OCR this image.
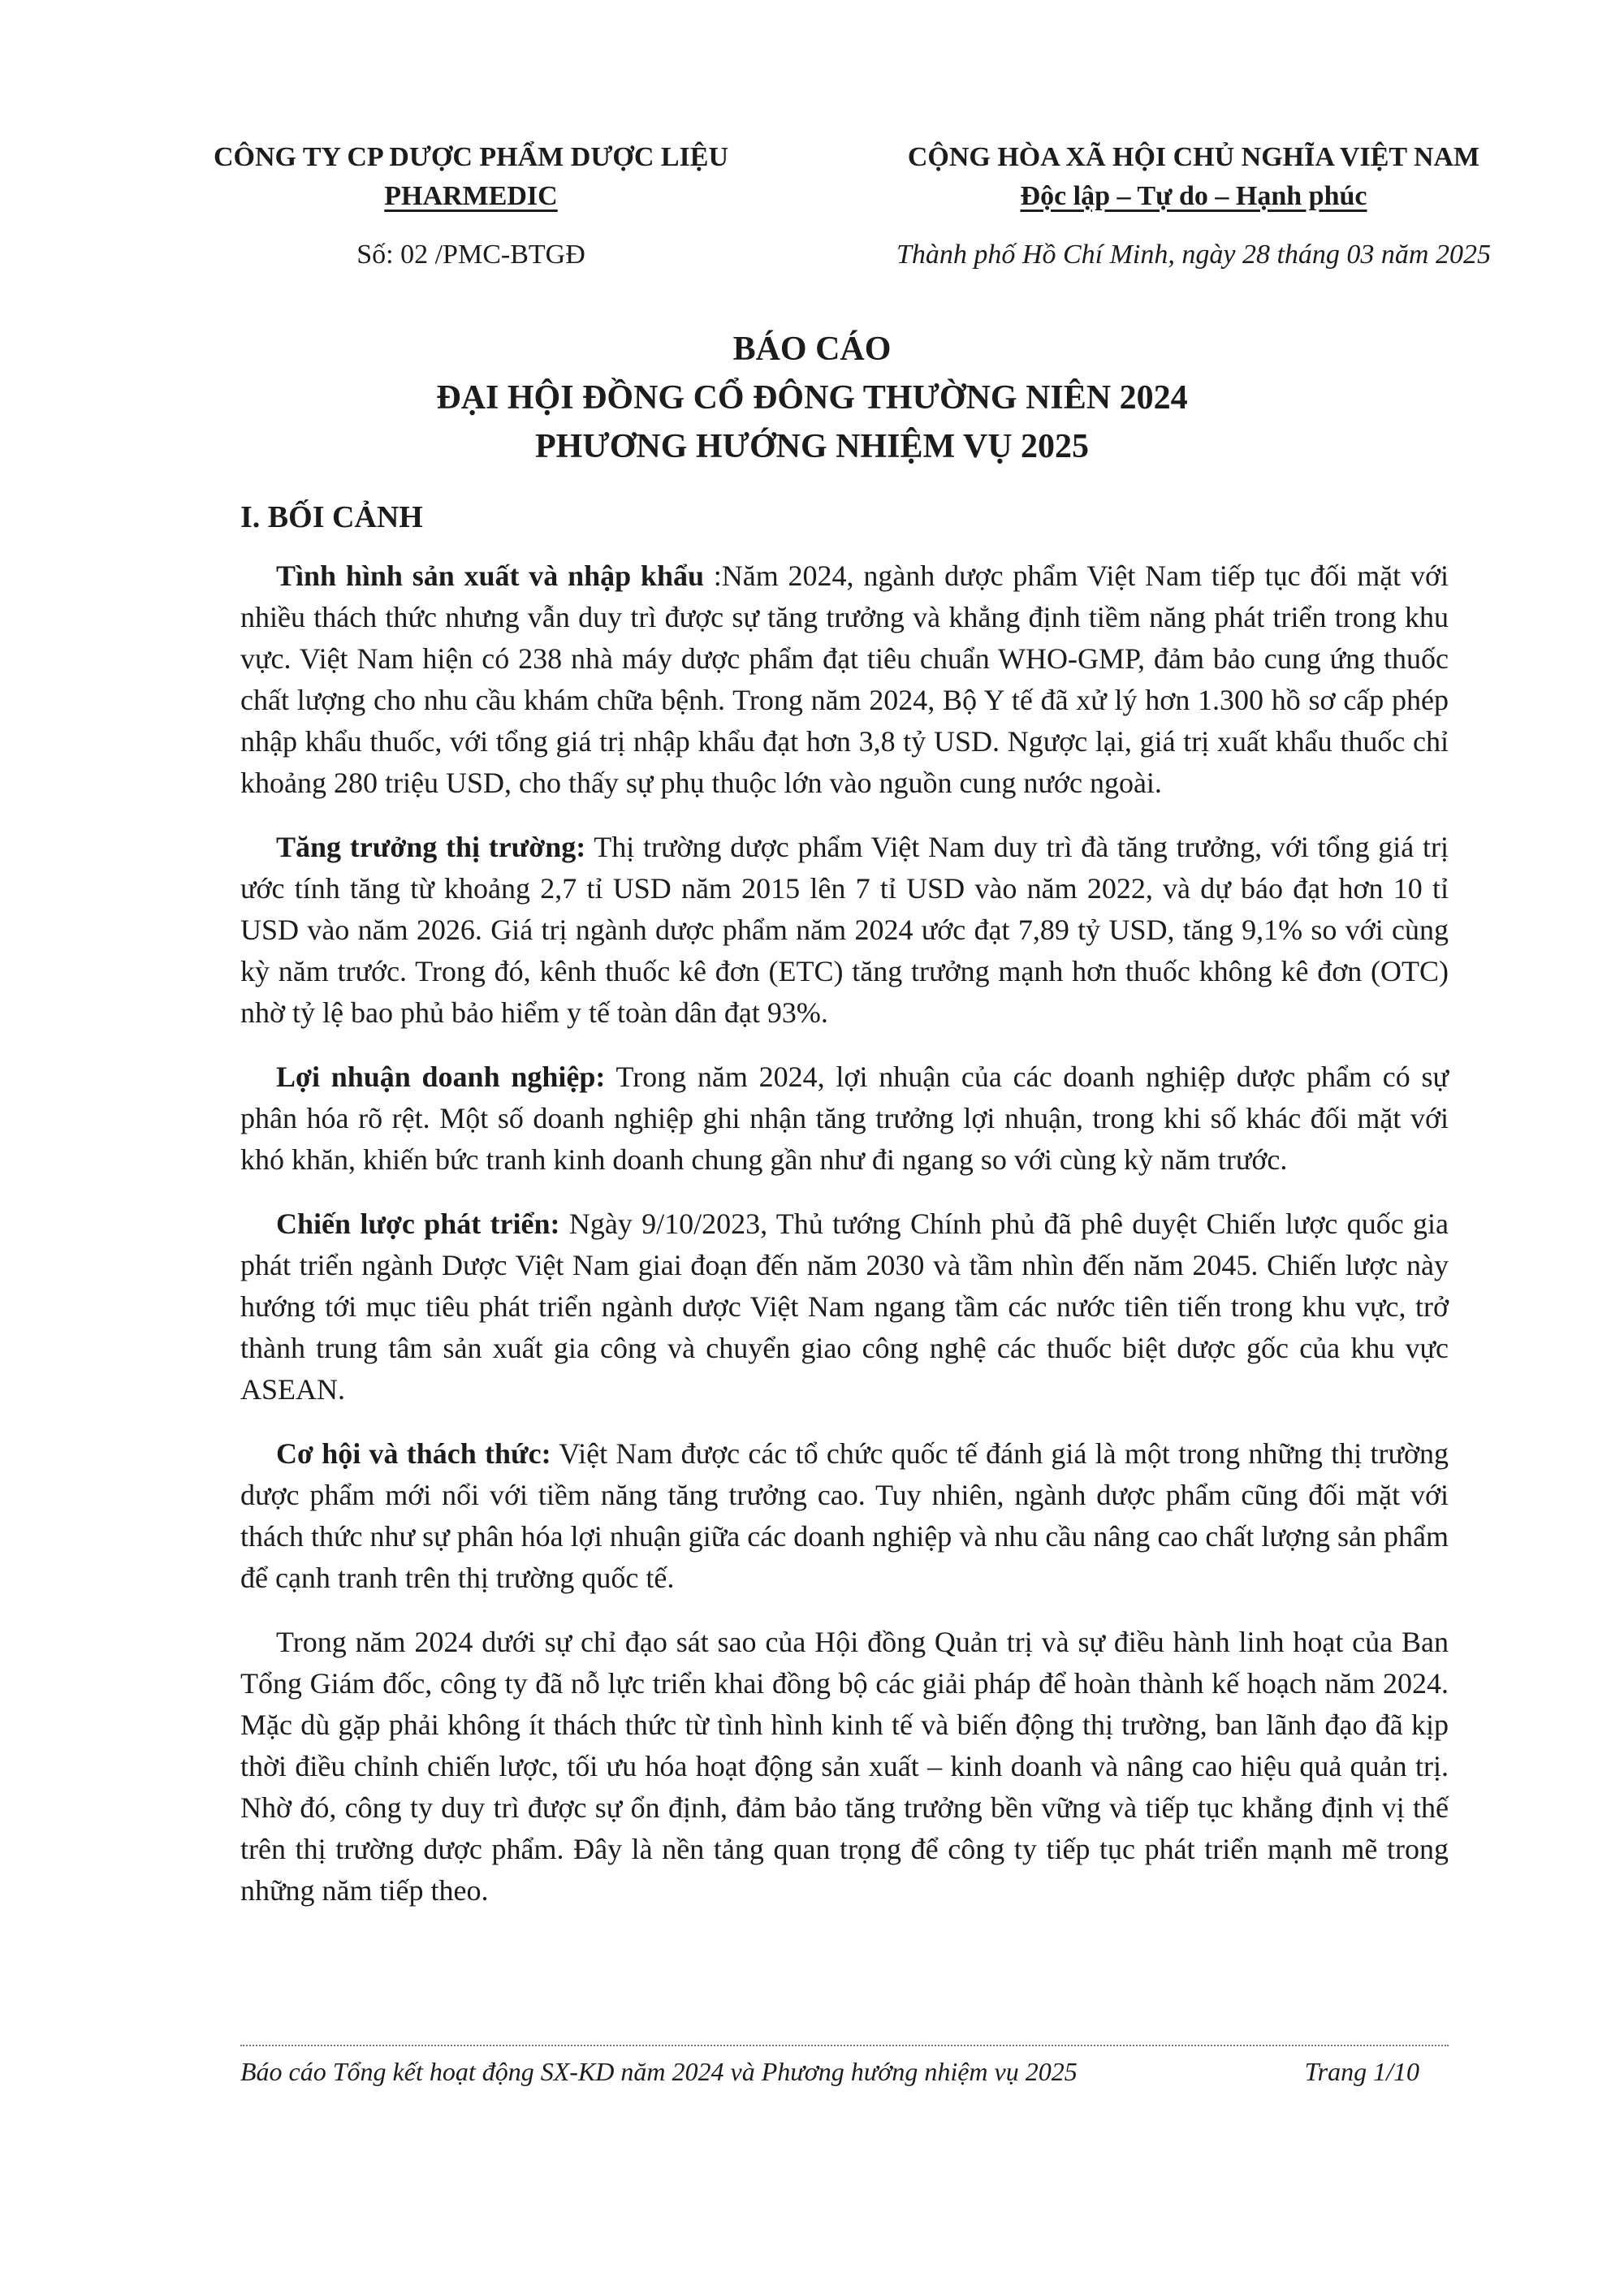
CÔNG TY CP DƯỢC PHẨM DƯỢC LIỆU
PHARMEDIC
Số: 02 /PMC-BTGĐ
CỘNG HÒA XÃ HỘI CHỦ NGHĨA VIỆT NAM
Độc lập – Tự do – Hạnh phúc
Thành phố Hồ Chí Minh, ngày 28 tháng 03 năm 2025
BÁO CÁO
ĐẠI HỘI ĐỒNG CỔ ĐÔNG THƯỜNG NIÊN 2024
PHƯƠNG HƯỚNG NHIỆM VỤ 2025
I. BỐI CẢNH

Tình hình sản xuất và nhập khẩu :Năm 2024, ngành dược phẩm Việt Nam tiếp tục đối mặt với nhiều thách thức nhưng vẫn duy trì được sự tăng trưởng và khẳng định tiềm năng phát triển trong khu vực. Việt Nam hiện có 238 nhà máy dược phẩm đạt tiêu chuẩn WHO-GMP, đảm bảo cung ứng thuốc chất lượng cho nhu cầu khám chữa bệnh. Trong năm 2024, Bộ Y tế đã xử lý hơn 1.300 hồ sơ cấp phép nhập khẩu thuốc, với tổng giá trị nhập khẩu đạt hơn 3,8 tỷ USD. Ngược lại, giá trị xuất khẩu thuốc chỉ khoảng 280 triệu USD, cho thấy sự phụ thuộc lớn vào nguồn cung nước ngoài.

Tăng trưởng thị trường: Thị trường dược phẩm Việt Nam duy trì đà tăng trưởng, với tổng giá trị ước tính tăng từ khoảng 2,7 tỉ USD năm 2015 lên 7 tỉ USD vào năm 2022, và dự báo đạt hơn 10 tỉ USD vào năm 2026. Giá trị ngành dược phẩm năm 2024 ước đạt 7,89 tỷ USD, tăng 9,1% so với cùng kỳ năm trước. Trong đó, kênh thuốc kê đơn (ETC) tăng trưởng mạnh hơn thuốc không kê đơn (OTC) nhờ tỷ lệ bao phủ bảo hiểm y tế toàn dân đạt 93%.

Lợi nhuận doanh nghiệp: Trong năm 2024, lợi nhuận của các doanh nghiệp dược phẩm có sự phân hóa rõ rệt. Một số doanh nghiệp ghi nhận tăng trưởng lợi nhuận, trong khi số khác đối mặt với khó khăn, khiến bức tranh kinh doanh chung gần như đi ngang so với cùng kỳ năm trước.

Chiến lược phát triển: Ngày 9/10/2023, Thủ tướng Chính phủ đã phê duyệt Chiến lược quốc gia phát triển ngành Dược Việt Nam giai đoạn đến năm 2030 và tầm nhìn đến năm 2045. Chiến lược này hướng tới mục tiêu phát triển ngành dược Việt Nam ngang tầm các nước tiên tiến trong khu vực, trở thành trung tâm sản xuất gia công và chuyển giao công nghệ các thuốc biệt dược gốc của khu vực ASEAN.

Cơ hội và thách thức: Việt Nam được các tổ chức quốc tế đánh giá là một trong những thị trường dược phẩm mới nổi với tiềm năng tăng trưởng cao. Tuy nhiên, ngành dược phẩm cũng đối mặt với thách thức như sự phân hóa lợi nhuận giữa các doanh nghiệp và nhu cầu nâng cao chất lượng sản phẩm để cạnh tranh trên thị trường quốc tế.

Trong năm 2024 dưới sự chỉ đạo sát sao của Hội đồng Quản trị và sự điều hành linh hoạt của Ban Tổng Giám đốc, công ty đã nỗ lực triển khai đồng bộ các giải pháp để hoàn thành kế hoạch năm 2024. Mặc dù gặp phải không ít thách thức từ tình hình kinh tế và biến động thị trường, ban lãnh đạo đã kịp thời điều chỉnh chiến lược, tối ưu hóa hoạt động sản xuất – kinh doanh và nâng cao hiệu quả quản trị. Nhờ đó, công ty duy trì được sự ổn định, đảm bảo tăng trưởng bền vững và tiếp tục khẳng định vị thế trên thị trường dược phẩm. Đây là nền tảng quan trọng để công ty tiếp tục phát triển mạnh mẽ trong những năm tiếp theo.

Báo cáo Tổng kết hoạt động SX-KD năm 2024 và Phương hướng nhiệm vụ 2025	Trang 1/10
